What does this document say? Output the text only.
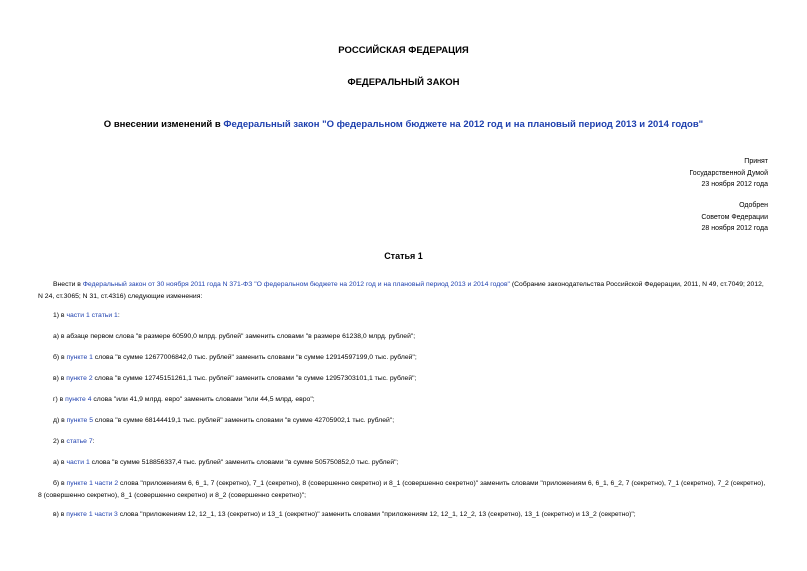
РОССИЙСКАЯ ФЕДЕРАЦИЯ
ФЕДЕРАЛЬНЫЙ ЗАКОН
О внесении изменений в Федеральный закон "О федеральном бюджете на 2012 год и на плановый период 2013 и 2014 годов"
Принят
Государственной Думой
23 ноября 2012 года
Одобрен
Советом Федерации
28 ноября 2012 года
Статья 1
Внести в Федеральный закон от 30 ноября 2011 года N 371-ФЗ "О федеральном бюджете на 2012 год и на плановый период 2013 и 2014 годов" (Собрание законодательства Российской Федерации, 2011, N 49, ст.7049; 2012, N 24, ст.3065; N 31, ст.4316) следующие изменения:
1) в части 1 статьи 1:
а) в абзаце первом слова "в размере 60590,0 млрд. рублей" заменить словами "в размере 61238,0 млрд. рублей";
б) в пункте 1 слова "в сумме 12677006842,0 тыс. рублей" заменить словами "в сумме 12914597199,0 тыс. рублей";
в) в пункте 2 слова "в сумме 12745151261,1 тыс. рублей" заменить словами "в сумме 12957303101,1 тыс. рублей";
г) в пункте 4 слова "или 41,9 млрд. евро" заменить словами "или 44,5 млрд. евро";
д) в пункте 5 слова "в сумме 68144419,1 тыс. рублей" заменить словами "в сумме 42705902,1 тыс. рублей";
2) в статье 7:
а) в части 1 слова "в сумме 518856337,4 тыс. рублей" заменить словами "в сумме 505750852,0 тыс. рублей";
б) в пункте 1 части 2 слова "приложениям 6, 6_1, 7 (секретно), 7_1 (секретно), 8 (совершенно секретно) и 8_1 (совершенно секретно)" заменить словами "приложениям 6, 6_1, 6_2, 7 (секретно), 7_1 (секретно), 7_2 (секретно), 8 (совершенно секретно), 8_1 (совершенно секретно) и 8_2 (совершенно секретно)";
в) в пункте 1 части 3 слова "приложениям 12, 12_1, 13 (секретно) и 13_1 (секретно)" заменить словами "приложениям 12, 12_1, 12_2, 13 (секретно), 13_1 (секретно) и 13_2 (секретно)";
